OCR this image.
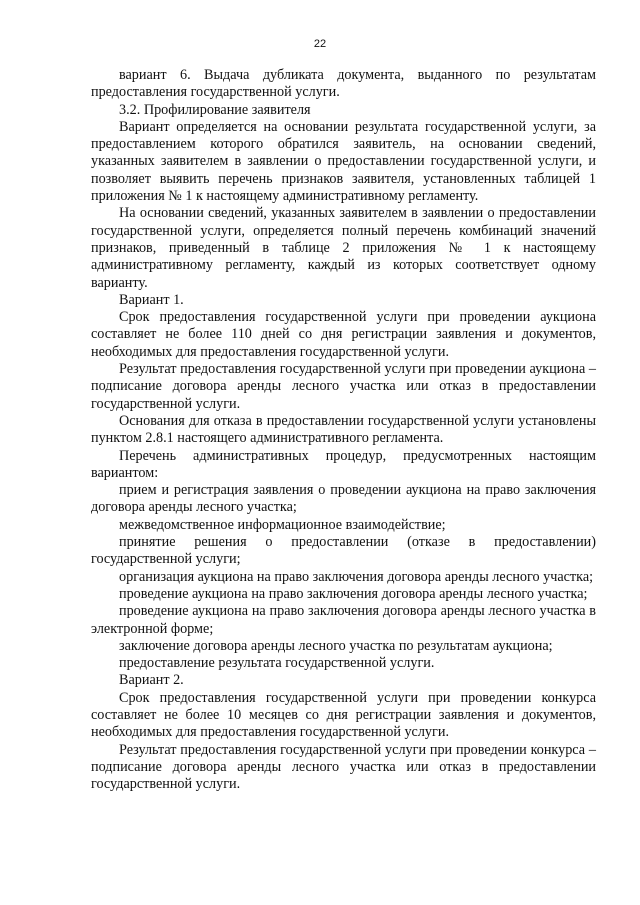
22

вариант 6. Выдача дубликата документа, выданного по результатам предоставления государственной услуги.

3.2. Профилирование заявителя

Вариант определяется на основании результата государственной услуги, за предоставлением которого обратился заявитель, на основании сведений, указанных заявителем в заявлении о предоставлении государственной услуги, и позволяет выявить перечень признаков заявителя, установленных таблицей 1 приложения № 1 к настоящему административному регламенту.

На основании сведений, указанных заявителем в заявлении о предоставлении государственной услуги, определяется полный перечень комбинаций значений признаков, приведенный в таблице 2 приложения № 1 к настоящему административному регламенту, каждый из которых соответствует одному варианту.

Вариант 1.

Срок предоставления государственной услуги при проведении аукциона составляет не более 110 дней со дня регистрации заявления и документов, необходимых для предоставления государственной услуги.

Результат предоставления государственной услуги при проведении аукциона – подписание договора аренды лесного участка или отказ в предоставлении государственной услуги.

Основания для отказа в предоставлении государственной услуги установлены пунктом 2.8.1 настоящего административного регламента.

Перечень административных процедур, предусмотренных настоящим вариантом:

прием и регистрация заявления о проведении аукциона на право заключения договора аренды лесного участка;

межведомственное информационное взаимодействие;

принятие решения о предоставлении (отказе в предоставлении) государственной услуги;

организация аукциона на право заключения договора аренды лесного участка;

проведение аукциона на право заключения договора аренды лесного участка;

проведение аукциона на право заключения договора аренды лесного участка в электронной форме;

заключение договора аренды лесного участка по результатам аукциона;

предоставление результата государственной услуги.

Вариант 2.

Срок предоставления государственной услуги при проведении конкурса составляет не более 10 месяцев со дня регистрации заявления и документов, необходимых для предоставления государственной услуги.

Результат предоставления государственной услуги при проведении конкурса – подписание договора аренды лесного участка или отказ в предоставлении государственной услуги.
